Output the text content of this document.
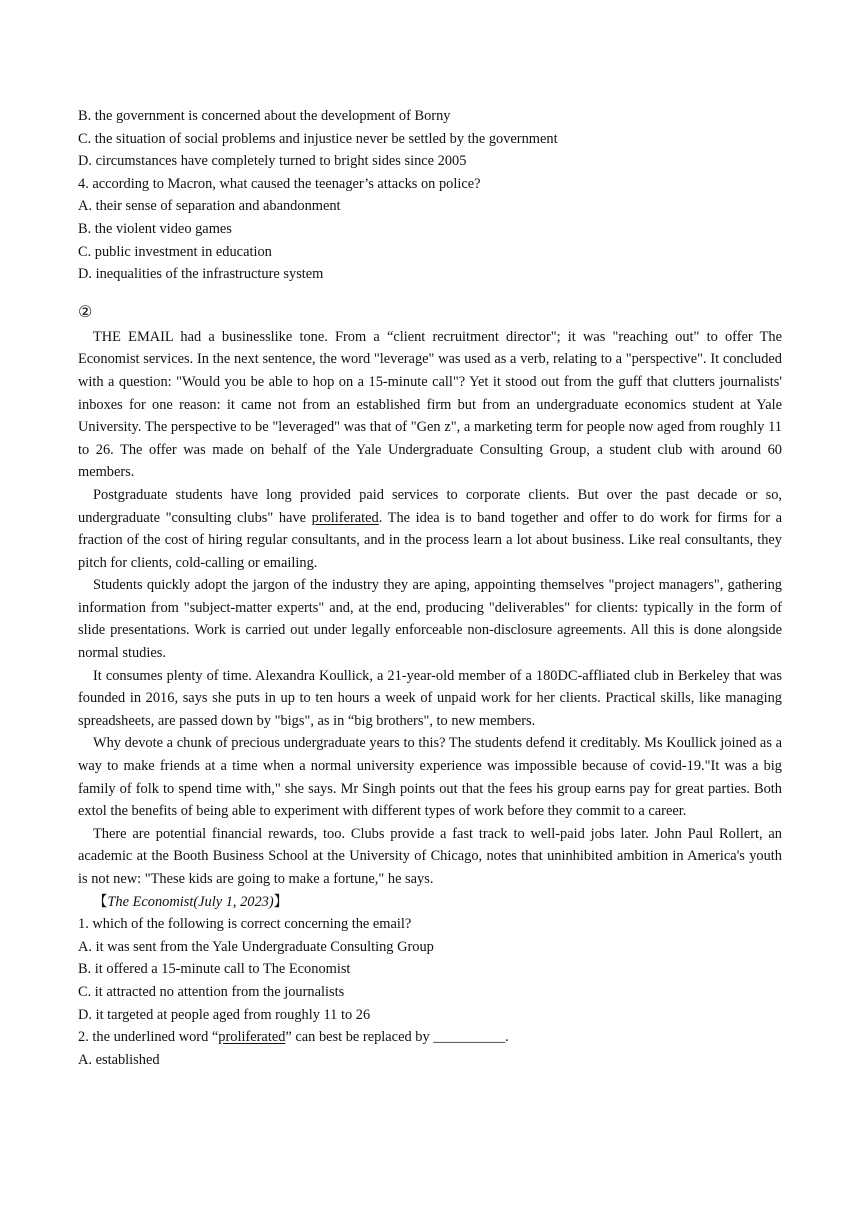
B. the government is concerned about the development of Borny
C. the situation of social problems and injustice never be settled by the government
D. circumstances have completely turned to bright sides since 2005
4. according to Macron, what caused the teenager’s attacks on police?
A. their sense of separation and abandonment
B. the violent video games
C. public investment in education
D. inequalities of the infrastructure system
②

THE EMAIL had a businesslike tone. From a “client recruitment director"; it was "reaching out" to offer The Economist services. In the next sentence, the word "leverage" was used as a verb, relating to a "perspective". It concluded with a question: "Would you be able to hop on a 15-minute call"? Yet it stood out from the guff that clutters journalists' inboxes for one reason: it came not from an established firm but from an undergraduate economics student at Yale University. The perspective to be "leveraged" was that of "Gen z", a marketing term for people now aged from roughly 11 to 26. The offer was made on behalf of the Yale Undergraduate Consulting Group, a student club with around 60 members.

Postgraduate students have long provided paid services to corporate clients. But over the past decade or so, undergraduate "consulting clubs" have proliferated. The idea is to band together and offer to do work for firms for a fraction of the cost of hiring regular consultants, and in the process learn a lot about business. Like real consultants, they pitch for clients, cold-calling or emailing.

Students quickly adopt the jargon of the industry they are aping, appointing themselves "project managers", gathering information from "subject-matter experts" and, at the end, producing "deliverables" for clients: typically in the form of slide presentations. Work is carried out under legally enforceable non-disclosure agreements. All this is done alongside normal studies.

It consumes plenty of time. Alexandra Koullick, a 21-year-old member of a 180DC-affliated club in Berkeley that was founded in 2016, says she puts in up to ten hours a week of unpaid work for her clients. Practical skills, like managing spreadsheets, are passed down by "bigs", as in “big brothers", to new members.

Why devote a chunk of precious undergraduate years to this? The students defend it creditably. Ms Koullick joined as a way to make friends at a time when a normal university experience was impossible because of covid-19."It was a big family of folk to spend time with," she says. Mr Singh points out that the fees his group earns pay for great parties. Both extol the benefits of being able to experiment with different types of work before they commit to a career.

There are potential financial rewards, too. Clubs provide a fast track to well-paid jobs later. John Paul Rollert, an academic at the Booth Business School at the University of Chicago, notes that uninhibited ambition in America's youth is not new: "These kids are going to make a fortune," he says.

【The Economist(July 1, 2023)】
1. which of the following is correct concerning the email?
A. it was sent from the Yale Undergraduate Consulting Group
B. it offered a 15-minute call to The Economist
C. it attracted no attention from the journalists
D. it targeted at people aged from roughly 11 to 26
2. the underlined word “proliferated” can best be replaced by __________.
A. established
